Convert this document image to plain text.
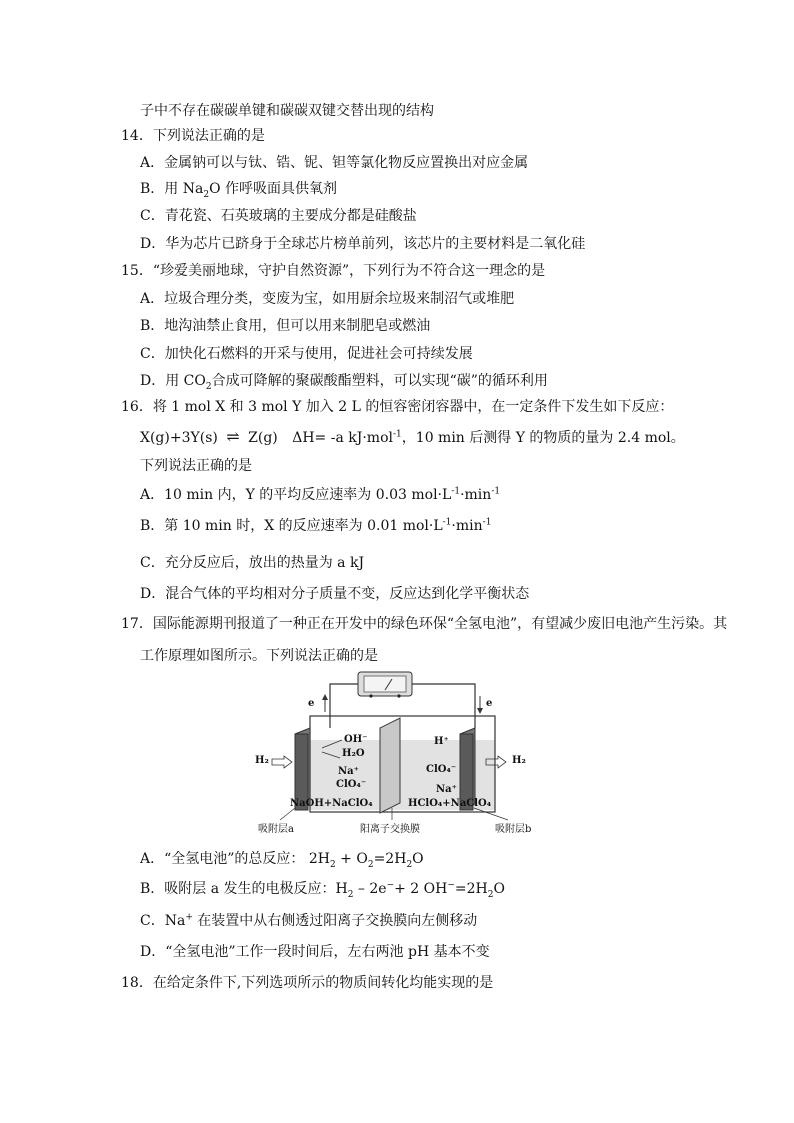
子中不存在碳碳单键和碳碳双键交替出现的结构
14．下列说法正确的是
A．金属钠可以与钛、锆、铌、钽等氯化物反应置换出对应金属
B．用 $Na_2O$ 作呼吸面具供氧剂
C．青花瓷、石英玻璃的主要成分都是硅酸盐
D．华为芯片已跻身于全球芯片榜单前列，该芯片的主要材料是二氧化硅
15．“珍爱美丽地球，守护自然资源”，下列行为不符合这一理念的是
A．垃圾合理分类，变废为宝，如用厨余垃圾来制沼气或堆肥
B．地沟油禁止食用，但可以用来制肥皂或燃油
C．加快化石燃料的开采与使用，促进社会可持续发展
D．用 $CO_2$合成可降解的聚碳酸酯塑料，可以实现“碳”的循环利用
16．将 1 mol X 和 3 mol Y 加入 2 L 的恒容密闭容器中，在一定条件下发生如下反应：
X(g)+3Y(s) ⇌ Z(g) ΔH= -a kJ·mol$^{-1}$，10 min 后测得 Y 的物质的量为 2.4 mol。
下列说法正确的是
A．10 min 内，Y 的平均反应速率为 0.03 $mol\cdot L^{-1}\cdot\min^{-1}$
B．第 10 min 时，X 的反应速率为 0.01 $mol\cdot L^{-1}\cdot\min^{-1}$
C．充分反应后，放出的热量为 a kJ
D．混合气体的平均相对分子质量不变，反应达到化学平衡状态
17．国际能源期刊报道了一种正在开发中的绿色环保“全氢电池”，有望减少废旧电池产生污染。其
工作原理如图所示。下列说法正确的是
e	e
H₂	H₂
OH⁻
H₂O
Na⁺
ClO₄⁻
H⁺
ClO₄⁻
Na⁺
NaOH+NaClO₄	HClO₄+NaClO₄
吸附层a	阳离子交换膜	吸附层b
A．“全氢电池”的总反应： $2H_2 + O_2=2H_2O$
B．吸附层 a 发生的电极反应：$H_2 - 2e^-+ 2$ $OH^-=2H_2O$
C．Na+ 在装置中从右侧透过阳离子交换膜向左侧移动
D．“全氢电池”工作一段时间后，左右两池 pH 基本不变
18．在给定条件下,下列选项所示的物质间转化均能实现的是
